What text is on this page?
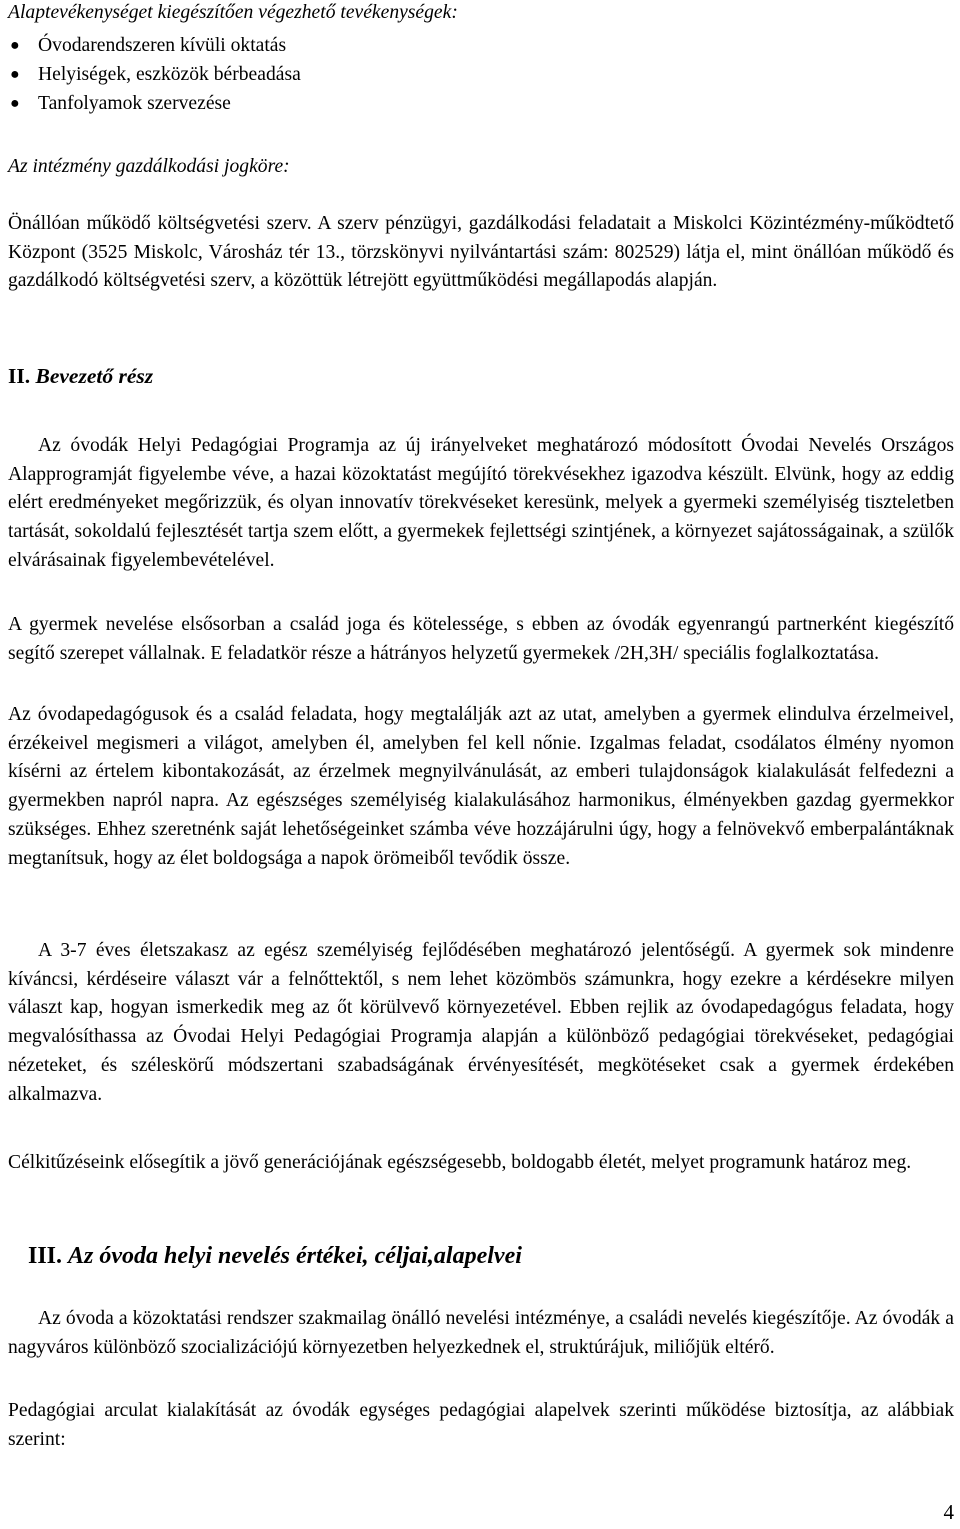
Alaptevékenységet kiegészítően végezhető tevékenységek:
● Óvodarendszeren kívüli oktatás
● Helyiségek, eszközök bérbeadása
● Tanfolyamok szervezése
Az intézmény gazdálkodási jogköre:

Önállóan működő költségvetési szerv. A szerv pénzügyi, gazdálkodási feladatait a Miskolci Közintézmény-működtető Központ (3525 Miskolc, Városház tér 13., törzskönyvi nyilvántartási szám: 802529) látja el, mint önállóan működő és gazdálkodó költségvetési szerv, a közöttük létrejött együttműködési megállapodás alapján.

II. Bevezető rész

Az óvodák Helyi Pedagógiai Programja az új irányelveket meghatározó módosított Óvodai Nevelés Országos Alapprogramját figyelembe véve, a hazai közoktatást megújító törekvésekhez igazodva készült. Elvünk, hogy az eddig elért eredményeket megőrizzük, és olyan innovatív törekvéseket keresünk, melyek a gyermeki személyiség tiszteletben tartását, sokoldalú fejlesztését tartja szem előtt, a gyermekek fejlettségi szintjének, a környezet sajátosságainak, a szülők elvárásainak figyelembevételével.

A gyermek nevelése elsősorban a család joga és kötelessége, s ebben az óvodák egyenrangú partnerként kiegészítő segítő szerepet vállalnak. E feladatkör része a hátrányos helyzetű gyermekek /2H,3H/ speciális foglalkoztatása.

Az óvodapedagógusok és a család feladata, hogy megtalálják azt az utat, amelyben a gyermek elindulva érzelmeivel, érzékeivel megismeri a világot, amelyben él, amelyben fel kell nőnie. Izgalmas feladat, csodálatos élmény nyomon kísérni az értelem kibontakozását, az érzelmek megnyilvánulását, az emberi tulajdonságok kialakulását felfedezni a gyermekben napról napra. Az egészséges személyiség kialakulásához harmonikus, élményekben gazdag gyermekkor szükséges. Ehhez szeretnénk saját lehetőségeinket számba véve hozzájárulni úgy, hogy a felnövekvő emberpalántáknak megtanítsuk, hogy az élet boldogsága a napok örömeiből tevődik össze.

A 3-7 éves életszakasz az egész személyiség fejlődésében meghatározó jelentőségű. A gyermek sok mindenre kíváncsi, kérdéseire választ vár a felnőttektől, s nem lehet közömbös számunkra, hogy ezekre a kérdésekre milyen választ kap, hogyan ismerkedik meg az őt körülvevő környezetével. Ebben rejlik az óvodapedagógus feladata, hogy megvalósíthassa az Óvodai Helyi Pedagógiai Programja alapján a különböző pedagógiai törekvéseket, pedagógiai nézeteket, és széleskörű módszertani szabadságának érvényesítését, megkötéseket csak a gyermek érdekében alkalmazva.

Célkitűzéseink elősegítik a jövő generációjának egészségesebb, boldogabb életét, melyet programunk határoz meg.

III. Az óvoda helyi nevelés értékei, céljai,alapelvei

Az óvoda a közoktatási rendszer szakmailag önálló nevelési intézménye, a családi nevelés kiegészítője. Az óvodák a nagyváros különböző szocializációjú környezetben helyezkednek el, struktúrájuk, miliőjük eltérő.

Pedagógiai arculat kialakítását az óvodák egységes pedagógiai alapelvek szerinti működése biztosítja, az alábbiak szerint:

4
